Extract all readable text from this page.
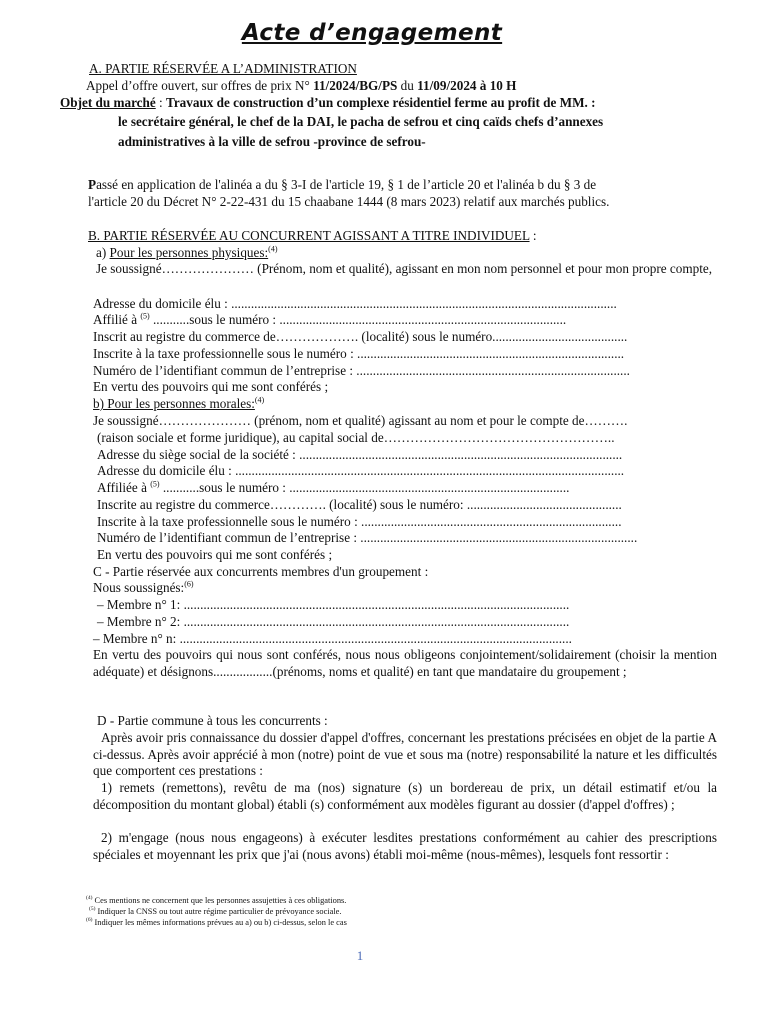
Acte d’engagement
A. PARTIE RÉSERVÉE A L’ADMINISTRATION
Appel d’offre ouvert, sur offres de prix N° 11/2024/BG/PS du 11/09/2024 à 10 H
Objet du marché : Travaux de construction d’un complexe résidentiel ferme au profit de MM. :
le secrétaire général, le chef de la DAI, le pacha de sefrou et cinq caïds chefs d’annexes
administratives à la ville de sefrou -province de sefrou-
Passé en application de l'alinéa a du § 3-I de l'article 19, § 1 de l’article 20 et l'alinéa b du § 3 de
l'article 20 du Décret N° 2-22-431 du 15 chaabane 1444 (8 mars 2023) relatif aux marchés publics.
B. PARTIE RÉSERVÉE AU CONCURRENT AGISSANT A TITRE INDIVIDUEL :
a) Pour les personnes physiques:$^{(4)}$
Je soussigné………………… (Prénom, nom et qualité), agissant en mon nom personnel et pour mon propre compte,
Adresse du domicile élu : .....................................................................................................................
Affilié à $^{(5)}$ ...........sous le numéro : .......................................................................................
Inscrit au registre du commerce de………………. (localité) sous le numéro.........................................
Inscrite à la taxe professionnelle sous le numéro : .................................................................................
Numéro de l’identifiant commun de l’entreprise : ...................................................................................
En vertu des pouvoirs qui me sont conférés ;
b) Pour les personnes morales:$^{(4)}$
Je soussigné………………… (prénom, nom et qualité) agissant au nom et pour le compte de……….
(raison sociale et forme juridique), au capital social de……………………………………………..
Adresse du siège social de la société : ..................................................................................................
Adresse du domicile élu : ......................................................................................................................
Affiliée à $^{(5)}$ ...........sous le numéro : .....................................................................................
Inscrite au registre du commerce…………. (localité) sous le numéro: ...............................................
Inscrite à la taxe professionnelle sous le numéro : ...............................................................................
Numéro de l’identifiant commun de l’entreprise : ....................................................................................
En vertu des pouvoirs qui me sont conférés ;
C - Partie réservée aux concurrents membres d'un groupement :
Nous soussignés:$^{(6)}$
– Membre n° 1: .....................................................................................................................
– Membre n° 2: .....................................................................................................................
– Membre n° n: .......................................................................................................................
En vertu des pouvoirs qui nous sont conférés, nous nous obligeons conjointement/solidairement (choisir la mention adéquate) et désignons..................(prénoms, noms et qualité) en tant que mandataire du groupement ;
D - Partie commune à tous les concurrents :
Après avoir pris connaissance du dossier d'appel d'offres, concernant les prestations précisées en objet de la partie A ci-dessus. Après avoir apprécié à mon (notre) point de vue et sous ma (notre) responsabilité la nature et les difficultés que comportent ces prestations :
1) remets (remettons), revêtu de ma (nos) signature (s) un bordereau de prix, un détail estimatif et/ou la décomposition du montant global) établi (s) conformément aux modèles figurant au dossier (d'appel d'offres) ;
2) m'engage (nous nous engageons) à exécuter lesdites prestations conformément au cahier des prescriptions spéciales et moyennant les prix que j'ai (nous avons) établi moi-même (nous-mêmes), lesquels font ressortir :
$^{(4)}$ Ces mentions ne concernent que les personnes assujetties à ces obligations.
$^{(5)}$ Indiquer la CNSS ou tout autre régime particulier de prévoyance sociale.
$^{(6)}$ Indiquer les mêmes informations prévues au a) ou b) ci-dessus, selon le cas
1
